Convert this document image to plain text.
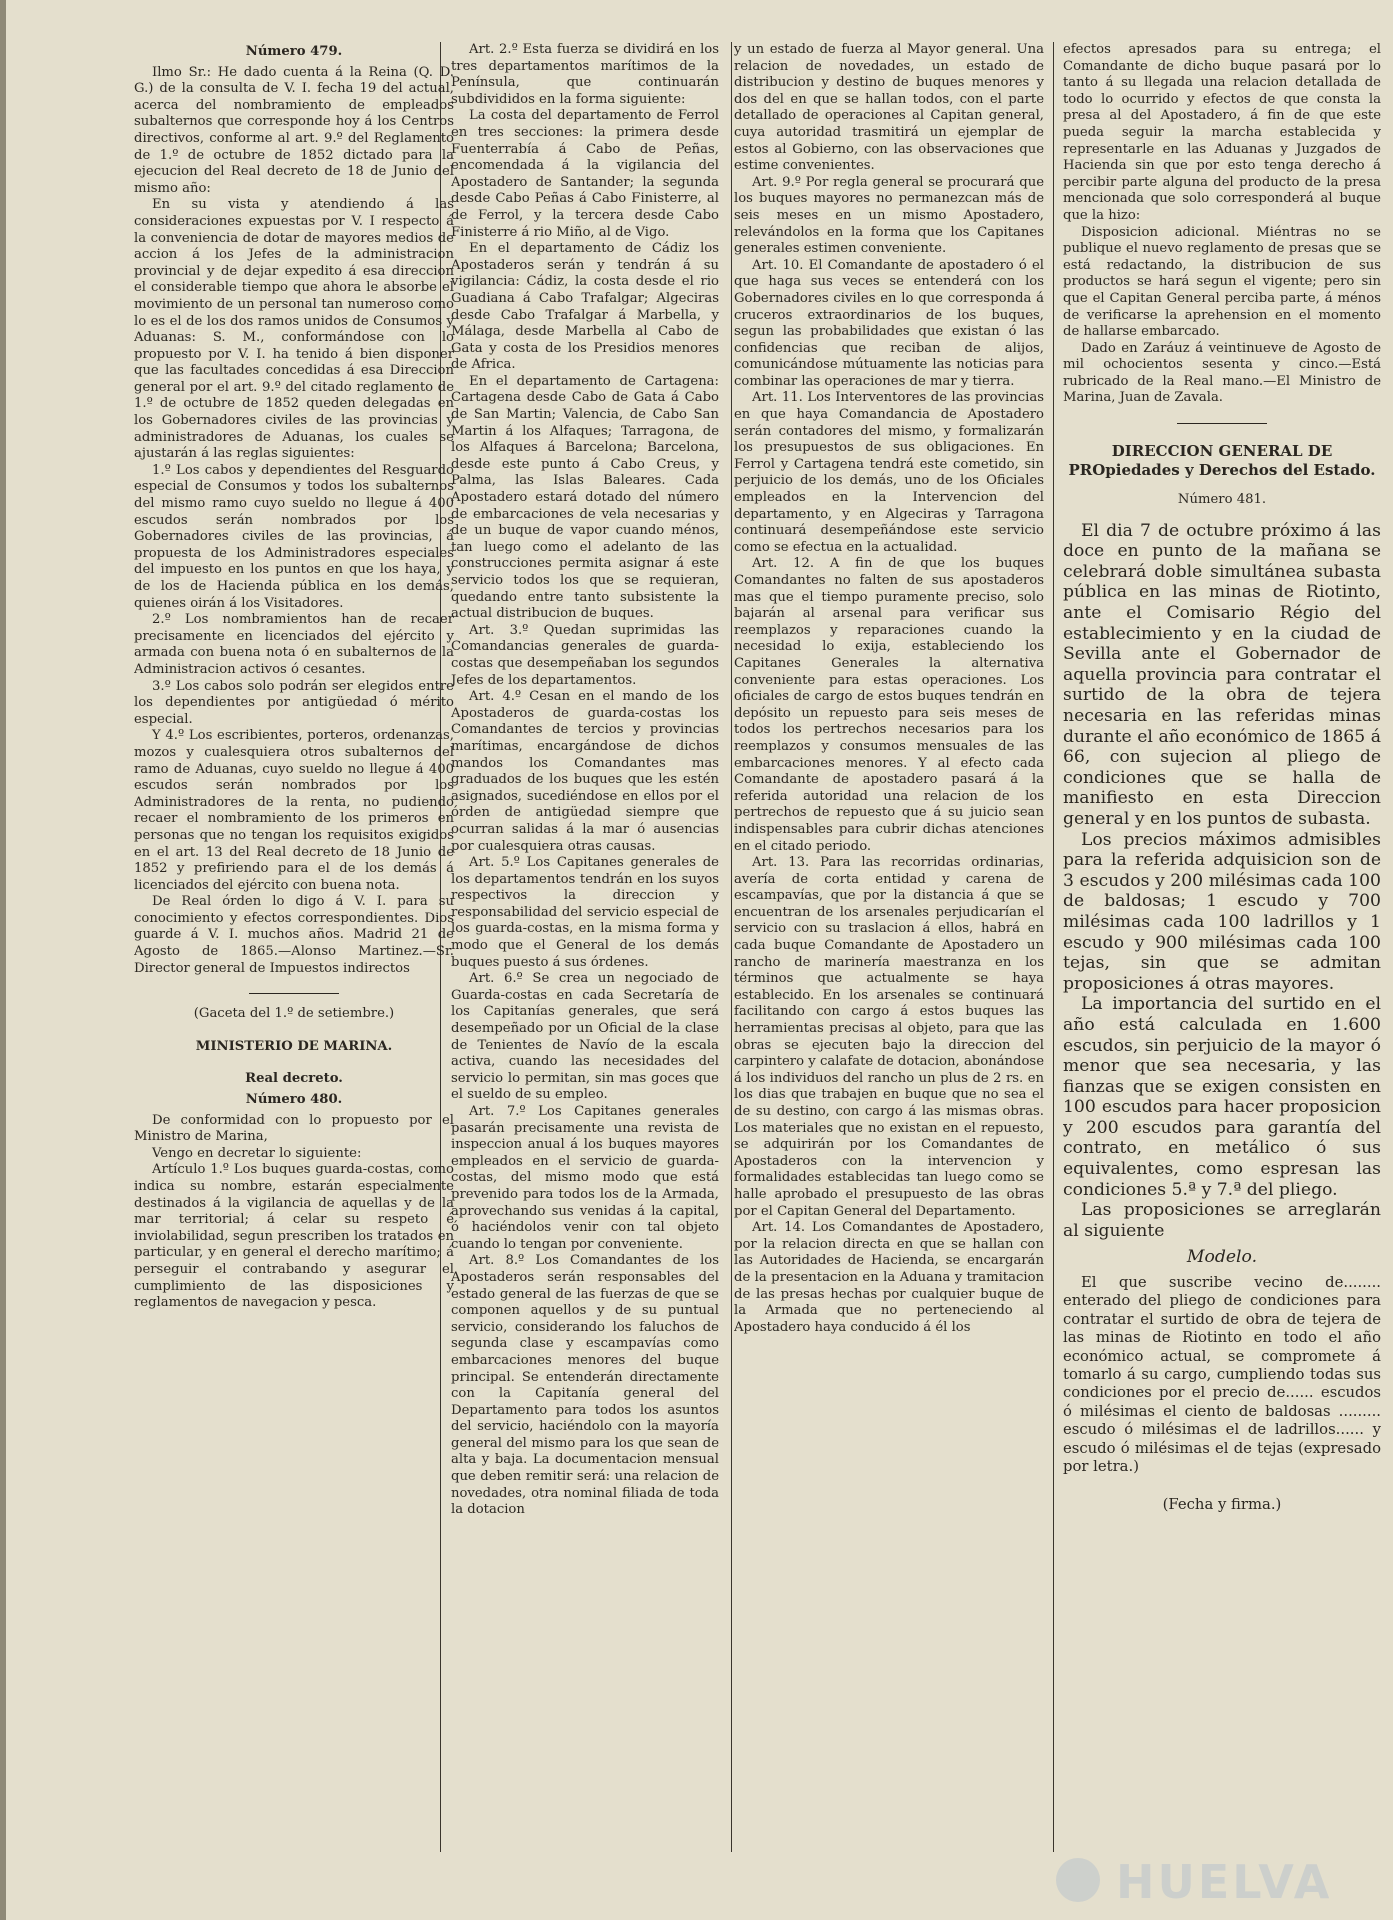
Número 479.

Ilmo Sr.: He dado cuenta á la Reina (Q. D. G.) de la consulta de V. I. fecha 19 del actual, acerca del nombramiento de empleados subalternos que corresponde hoy á los Centros directivos, conforme al art. 9.º del Reglamento de 1.º de octubre de 1852 dictado para la ejecucion del Real decreto de 18 de Junio del mismo año:

En su vista y atendiendo á las consideraciones expuestas por V. I respecto á la conveniencia de dotar de mayores medios de accion á los Jefes de la administracion provincial y de dejar expedito á esa direccion el considerable tiempo que ahora le absorbe el movimiento de un personal tan numeroso como lo es el de los dos ramos unidos de Consumos y Aduanas: S. M., conformándose con lo propuesto por V. I. ha tenido á bien disponer que las facultades concedidas á esa Direccion general por el art. 9.º del citado reglamento de 1.º de octubre de 1852 queden delegadas en los Gobernadores civiles de las provincias y administradores de Aduanas, los cuales se ajustarán á las reglas siguientes:

1.º Los cabos y dependientes del Resguardo especial de Consumos y todos los subalternos del mismo ramo cuyo sueldo no llegue á 400 escudos serán nombrados por los Gobernadores civiles de las provincias, á propuesta de los Administradores especiales del impuesto en los puntos en que los haya, y de los de Hacienda pública en los demás, quienes oirán á los Visitadores.

2.º Los nombramientos han de recaer precisamente en licenciados del ejército y armada con buena nota ó en subalternos de la Administracion activos ó cesantes.

3.º Los cabos solo podrán ser elegidos entre los dependientes por antigüedad ó mérito especial.

Y 4.º Los escribientes, porteros, ordenanzas, mozos y cualesquiera otros subalternos del ramo de Aduanas, cuyo sueldo no llegue á 400 escudos serán nombrados por los Administradores de la renta, no pudiendo recaer el nombramiento de los primeros en personas que no tengan los requisitos exigidos en el art. 13 del Real decreto de 18 Junio de 1852 y prefiriendo para el de los demás á licenciados del ejército con buena nota.

De Real órden lo digo á V. I. para su conocimiento y efectos correspondientes. Dios guarde á V. I. muchos años. Madrid 21 de Agosto de 1865.—Alonso Martinez.—Sr. Director general de Impuestos indirectos

(Gaceta del 1.º de setiembre.)
MINISTERIO DE MARINA.
Real decreto.
Número 480.

De conformidad con lo propuesto por el Ministro de Marina,

Vengo en decretar lo siguiente:

Artículo 1.º Los buques guarda-costas, como indica su nombre, estarán especialmente destinados á la vigilancia de aquellas y de la mar territorial; á celar su respeto é inviolabilidad, segun prescriben los tratados en particular, y en general el derecho marítimo; á perseguir el contrabando y asegurar el cumplimiento de las disposiciones y reglamentos de navegacion y pesca.

Art. 2.º Esta fuerza se dividirá en los tres departamentos marítimos de la Península, que continuarán subdivididos en la forma siguiente:

La costa del departamento de Ferrol en tres secciones: la primera desde Fuenterrabía á Cabo de Peñas, encomendada á la vigilancia del Apostadero de Santander; la segunda desde Cabo Peñas á Cabo Finisterre, al de Ferrol, y la tercera desde Cabo Finisterre á rio Miño, al de Vigo.

En el departamento de Cádiz los Apostaderos serán y tendrán á su vigilancia: Cádiz, la costa desde el rio Guadiana á Cabo Trafalgar; Algeciras desde Cabo Trafalgar á Marbella, y Málaga, desde Marbella al Cabo de Gata y costa de los Presidios menores de Africa.

En el departamento de Cartagena: Cartagena desde Cabo de Gata á Cabo de San Martin; Valencia, de Cabo San Martin á los Alfaques; Tarragona, de los Alfaques á Barcelona; Barcelona, desde este punto á Cabo Creus, y Palma, las Islas Baleares. Cada Apostadero estará dotado del número de embarcaciones de vela necesarias y de un buque de vapor cuando ménos, tan luego como el adelanto de las construcciones permita asignar á este servicio todos los que se requieran, quedando entre tanto subsistente la actual distribucion de buques.

Art. 3.º Quedan suprimidas las Comandancias generales de guarda-costas que desempeñaban los segundos Jefes de los departamentos.

Art. 4.º Cesan en el mando de los Apostaderos de guarda-costas los Comandantes de tercios y provincias marítimas, encargándose de dichos mandos los Comandantes mas graduados de los buques que les estén asignados, sucediéndose en ellos por el órden de antigüedad siempre que ocurran salidas á la mar ó ausencias por cualesquiera otras causas.

Art. 5.º Los Capitanes generales de los departamentos tendrán en los suyos respectivos la direccion y responsabilidad del servicio especial de los guarda-costas, en la misma forma y modo que el General de los demás buques puesto á sus órdenes.

Art. 6.º Se crea un negociado de Guarda-costas en cada Secretaría de los Capitanías generales, que será desempeñado por un Oficial de la clase de Tenientes de Navío de la escala activa, cuando las necesidades del servicio lo permitan, sin mas goces que el sueldo de su empleo.

Art. 7.º Los Capitanes generales pasarán precisamente una revista de inspeccion anual á los buques mayores empleados en el servicio de guarda-costas, del mismo modo que está prevenido para todos los de la Armada, aprovechando sus venidas á la capital, ó haciéndolos venir con tal objeto cuando lo tengan por conveniente.

Art. 8.º Los Comandantes de los Apostaderos serán responsables del estado general de las fuerzas de que se componen aquellos y de su puntual servicio, considerando los faluchos de segunda clase y escampavías como embarcaciones menores del buque principal. Se entenderán directamente con la Capitanía general del Departamento para todos los asuntos del servicio, haciéndolo con la mayoría general del mismo para los que sean de alta y baja. La documentacion mensual que deben remitir será: una relacion de novedades, otra nominal filiada de toda la dotacion

y un estado de fuerza al Mayor general. Una relacion de novedades, un estado de distribucion y destino de buques menores y dos del en que se hallan todos, con el parte detallado de operaciones al Capitan general, cuya autoridad trasmitirá un ejemplar de estos al Gobierno, con las observaciones que estime convenientes.

Art. 9.º Por regla general se procurará que los buques mayores no permanezcan más de seis meses en un mismo Apostadero, relevándolos en la forma que los Capitanes generales estimen conveniente.

Art. 10. El Comandante de apostadero ó el que haga sus veces se entenderá con los Gobernadores civiles en lo que corresponda á cruceros extraordinarios de los buques, segun las probabilidades que existan ó las confidencias que reciban de alijos, comunicándose mútuamente las noticias para combinar las operaciones de mar y tierra.

Art. 11. Los Interventores de las provincias en que haya Comandancia de Apostadero serán contadores del mismo, y formalizarán los presupuestos de sus obligaciones. En Ferrol y Cartagena tendrá este cometido, sin perjuicio de los demás, uno de los Oficiales empleados en la Intervencion del departamento, y en Algeciras y Tarragona continuará desempeñándose este servicio como se efectua en la actualidad.

Art. 12. A fin de que los buques Comandantes no falten de sus apostaderos mas que el tiempo puramente preciso, solo bajarán al arsenal para verificar sus reemplazos y reparaciones cuando la necesidad lo exija, estableciendo los Capitanes Generales la alternativa conveniente para estas operaciones. Los oficiales de cargo de estos buques tendrán en depósito un repuesto para seis meses de todos los pertrechos necesarios para los reemplazos y consumos mensuales de las embarcaciones menores. Y al efecto cada Comandante de apostadero pasará á la referida autoridad una relacion de los pertrechos de repuesto que á su juicio sean indispensables para cubrir dichas atenciones en el citado periodo.

Art. 13. Para las recorridas ordinarias, avería de corta entidad y carena de escampavías, que por la distancia á que se encuentran de los arsenales perjudicarían el servicio con su traslacion á ellos, habrá en cada buque Comandante de Apostadero un rancho de marinería maestranza en los términos que actualmente se haya establecido. En los arsenales se continuará facilitando con cargo á estos buques las herramientas precisas al objeto, para que las obras se ejecuten bajo la direccion del carpintero y calafate de dotacion, abonándose á los individuos del rancho un plus de 2 rs. en los dias que trabajen en buque que no sea el de su destino, con cargo á las mismas obras. Los materiales que no existan en el repuesto, se adquirirán por los Comandantes de Apostaderos con la intervencion y formalidades establecidas tan luego como se halle aprobado el presupuesto de las obras por el Capitan General del Departamento.

Art. 14. Los Comandantes de Apostadero, por la relacion directa en que se hallan con las Autoridades de Hacienda, se encargarán de la presentacion en la Aduana y tramitacion de las presas hechas por cualquier buque de la Armada que no perteneciendo al Apostadero haya conducido á él los

efectos apresados para su entrega; el Comandante de dicho buque pasará por lo tanto á su llegada una relacion detallada de todo lo ocurrido y efectos de que consta la presa al del Apostadero, á fin de que este pueda seguir la marcha establecida y representarle en las Aduanas y Juzgados de Hacienda sin que por esto tenga derecho á percibir parte alguna del producto de la presa mencionada que solo corresponderá al buque que la hizo:

Disposicion adicional. Miéntras no se publique el nuevo reglamento de presas que se está redactando, la distribucion de sus productos se hará segun el vigente; pero sin que el Capitan General perciba parte, á ménos de verificarse la aprehension en el momento de hallarse embarcado.

Dado en Zaráuz á veintinueve de Agosto de mil ochocientos sesenta y cinco.—Está rubricado de la Real mano.—El Ministro de Marina, Juan de Zavala.

DIRECCION GENERAL DE PROpiedades y Derechos del Estado.
Número 481.

El dia 7 de octubre próximo á las doce en punto de la mañana se celebrará doble simultánea subasta pública en las minas de Riotinto, ante el Comisario Régio del establecimiento y en la ciudad de Sevilla ante el Gobernador de aquella provincia para contratar el surtido de la obra de tejera necesaria en las referidas minas durante el año económico de 1865 á 66, con sujecion al pliego de condiciones que se halla de manifiesto en esta Direccion general y en los puntos de subasta.

Los precios máximos admisibles para la referida adquisicion son de 3 escudos y 200 milésimas cada 100 de baldosas; 1 escudo y 700 milésimas cada 100 ladrillos y 1 escudo y 900 milésimas cada 100 tejas, sin que se admitan proposiciones á otras mayores.

La importancia del surtido en el año está calculada en 1.600 escudos, sin perjuicio de la mayor ó menor que sea necesaria, y las fianzas que se exigen consisten en 100 escudos para hacer proposicion y 200 escudos para garantía del contrato, en metálico ó sus equivalentes, como espresan las condiciones 5.ª y 7.ª del pliego.

Las proposiciones se arreglarán al siguiente

Modelo.

El que suscribe vecino de........ enterado del pliego de condiciones para contratar el surtido de obra de tejera de las minas de Riotinto en todo el año económico actual, se compromete á tomarlo á su cargo, cumpliendo todas sus condiciones por el precio de...... escudos ó milésimas el ciento de baldosas ......... escudo ó milésimas el de ladrillos...... y escudo ó milésimas el de tejas (expresado por letra.)

(Fecha y firma.)
HUELVA
